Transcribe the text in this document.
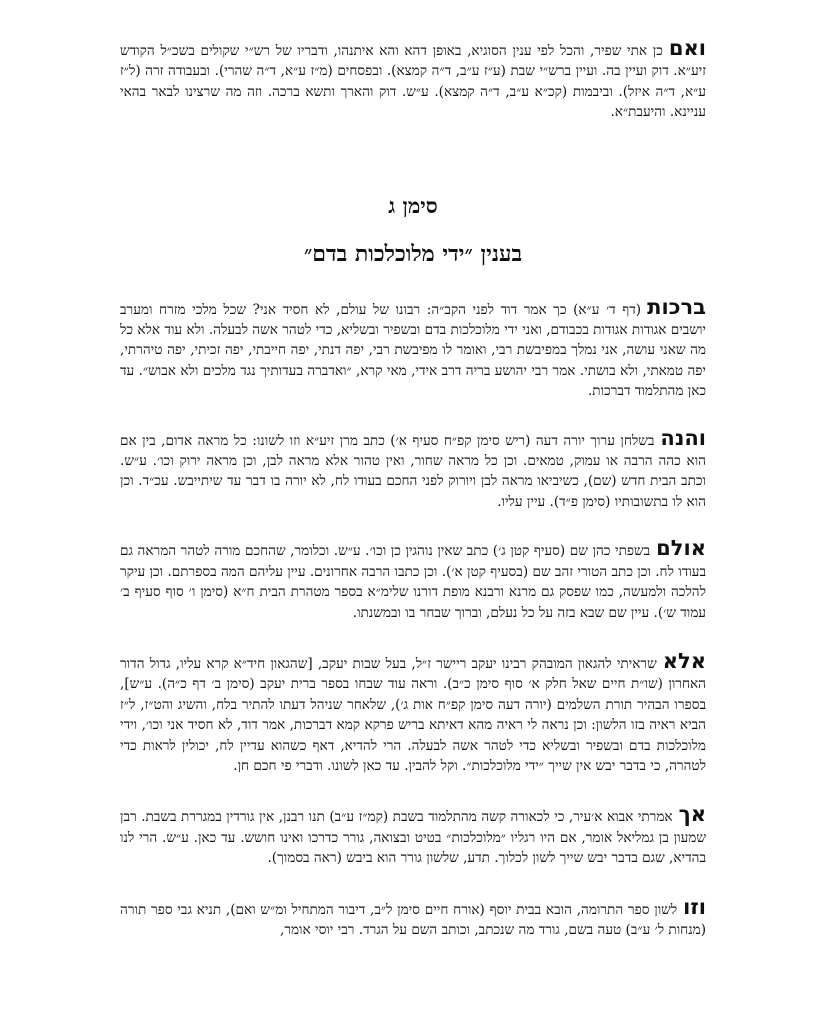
ואםכן אתי שפיר, והכל לפי ענין הסוגיא, באופן דהא והא איתנהו, ודבריו של רש״י שקולים בשכ״ל הקודש זיע״א. דוק ועיין בה. ועיין ברש״י שבת (ע״ז ע״ב, ד״ה קמצא). ובפסחים (מ״ז ע״א, ד״ה שהרי). ובעבודה זרה (ל״ז ע״א, ד״ה איזל). וביבמות (קכ״א ע״ב, ד״ה קמצא). ע״ש. דוק והארך ותשא ברכה. וזה מה שרצינו לבאר בהאי עניינא. והיעבת״א.

סימן ג
בענין ״ידי מלוכלכות בדם״

ברכות(דף ד׳ ע״א) כך אמר דוד לפני הקב״ה: רבונו של עולם, לא חסיד אני? שכל מלכי מזרח ומערב יושבים אגודות אגודות בכבודם, ואני ידי מלוכלכות בדם ובשפיר ובשליא, כדי לטהר אשה לבעלה. ולא עוד אלא כל מה שאני עושה, אני נמלך במפיבשת רבי, ואומר לו מפיבשת רבי, יפה דנתי, יפה חייבתי, יפה זכיתי, יפה טיהרתי, יפה טמאתי, ולא בושתי. אמר רבי יהושע בריה דרב אידי, מאי קרא, ״ואדברה בעדותיך נגד מלכים ולא אבוש״. עד כאן מהתלמוד דברכות.

והנהבשלחן ערוך יורה דעה (ריש סימן קפ״ח סעיף א׳) כתב מרן זיע״א וזו לשונו: כל מראה אדום, בין אם הוא כהה הרבה או עמוק, טמאים. וכן כל מראה שחור, ואין טהור אלא מראה לבן, וכן מראה ירוק וכו׳. ע״ש. וכתב הבית חדש (שם), כשיביאו מראה לבן ויורוק לפני החכם בעודו לח, לא יורה בו דבר עד שיתייבש. עכ״ד. וכן הוא לו בתשובותיו (סימן פ״ד). עיין עליו.

אולםבשפתי כהן שם (סעיף קטן ג׳) כתב שאין נוהגין כן וכו׳. ע״ש. וכלומר, שהחכם מורה לטהר המראה גם בעודו לח. וכן כתב הטורי זהב שם (בסעיף קטן א׳). וכן כתבו הרבה אחרונים. עיין עליהם המה בספרתם. וכן עיקר להלכה ולמעשה, כמו שפסק גם מרנא ורבנא מופת דורנו שלימ״א בספר מטהרת הבית ח״א (סימן ו׳ סוף סעיף ב׳ עמוד ש׳). עיין שם שבא בזה על כל נעלם, וברוך שבחר בו ובמשנתו.

אלאשראיתי להגאון המובהק רבינו יעקב ריישר ז״ל, בעל שבות יעקב, [שהגאון חיד״א קרא עליו, גדול הדור האחרון (שו״ת חיים שאל חלק א׳ סוף סימן כ״ב). וראה עוד שבחו בספר ברית יעקב (סימן ב׳ דף כ״ה). ע״ש], בספרו הבהיר תורת השלמים (יורה דעה סימן קפ״ח אות ג׳), שלאחר שניהל דעתו להתיר בלח, והשיג והט״ז, ל״ז הביא ראיה בזו הלשון: וכן נראה לי ראיה מהא דאיתא בריש פרקא קמא דברכות, אמר דוד, לא חסיד אני וכו׳, וידי מלוכלכות בדם ובשפיר ובשליא כדי לטהר אשה לבעלה. הרי להדיא, דאף כשהוא עדיין לח, יכולין לראות כדי לטהרה, כי בדבר יבש אין שייך ״ידי מלוכלכות״. וקל להבין. עד כאן לשונו. ודברי פי חכם חן.

אךאמרתי אבוא א׳עיר, כי לכאורה קשה מהתלמוד בשבת (קמ״ז ע״ב) תנו רבנן, אין גורדין במגררת בשבת. רבן שמעון בן גמליאל אומר, אם היו רגליו ״מלוכלכות״ בטיט ובצואה, גורר כדרכו ואינו חושש. עד כאן. ע״ש. הרי לנו בהדיא, שגם בדבר יבש שייך לשון לכלוך. תדע, שלשון גורר הוא ביבש (ראה בסמוך).

וזולשון ספר התרומה, הובא בבית יוסף (אורח חיים סימן ל״ב, דיבור המתחיל ומ״ש ואם), תניא גבי ספר תורה (מנחות ל׳ ע״ב) טעה בשם, גורד מה שנכתב, וכותב השם על הגרד. רבי יוסי אומר,
